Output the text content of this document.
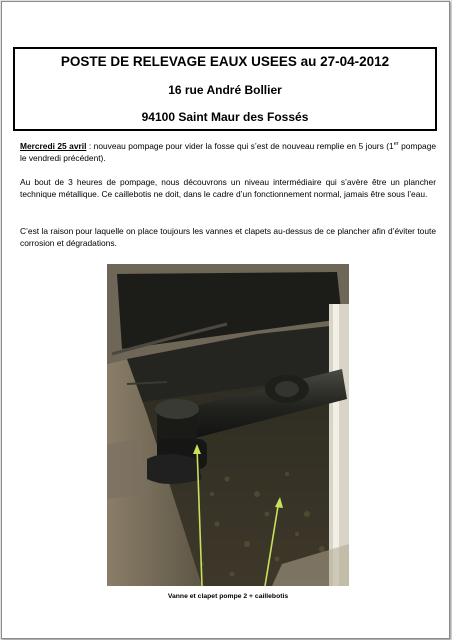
POSTE DE RELEVAGE EAUX USEES au 27-04-2012
16 rue André Bollier
94100 Saint Maur des Fossés
Mercredi 25 avril : nouveau pompage pour vider la fosse qui s’est de nouveau remplie en 5 jours (1er pompage le vendredi précédent).
Au bout de 3 heures de pompage, nous découvrons un niveau intermédiaire qui s’avère être un plancher technique métallique. Ce caillebotis ne doit, dans le cadre d’un fonctionnement normal, jamais être sous l’eau.
C’est la raison pour laquelle on place toujours les vannes et clapets au-dessus de ce plancher afin d’éviter toute corrosion et dégradations.
Vanne et clapet pompe 2 + caillebotis
